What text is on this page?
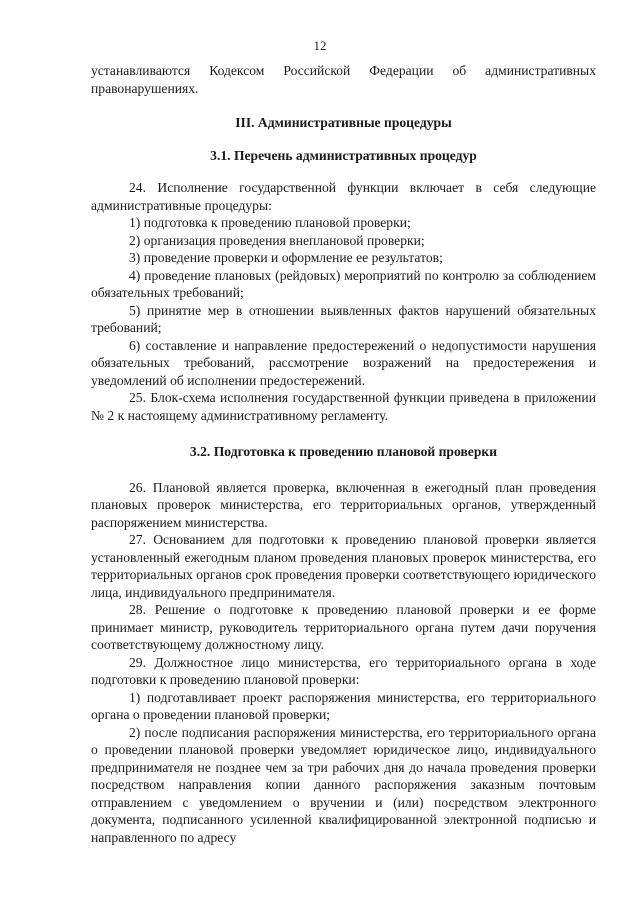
12

устанавливаются Кодексом Российской Федерации об административных правонарушениях.

III. Административные процедуры

3.1. Перечень административных процедур

24. Исполнение государственной функции включает в себя следующие административные процедуры:

1) подготовка к проведению плановой проверки;

2) организация проведения внеплановой проверки;

3) проведение проверки и оформление ее результатов;

4) проведение плановых (рейдовых) мероприятий по контролю за соблюдением обязательных требований;

5) принятие мер в отношении выявленных фактов нарушений обязательных требований;

6) составление и направление предостережений о недопустимости нарушения обязательных требований, рассмотрение возражений на предостережения и уведомлений об исполнении предостережений.

25. Блок-схема исполнения государственной функции приведена в приложении № 2 к настоящему административному регламенту.

3.2. Подготовка к проведению плановой проверки

26. Плановой является проверка, включенная в ежегодный план проведения плановых проверок министерства, его территориальных органов, утвержденный распоряжением министерства.

27. Основанием для подготовки к проведению плановой проверки является установленный ежегодным планом проведения плановых проверок министерства, его территориальных органов срок проведения проверки соответствующего юридического лица, индивидуального предпринимателя.

28. Решение о подготовке к проведению плановой проверки и ее форме принимает министр, руководитель территориального органа путем дачи поручения соответствующему должностному лицу.

29. Должностное лицо министерства, его территориального органа в ходе подготовки к проведению плановой проверки:

1) подготавливает проект распоряжения министерства, его территориального органа о проведении плановой проверки;

2) после подписания распоряжения министерства, его территориального органа о проведении плановой проверки уведомляет юридическое лицо, индивидуального предпринимателя не позднее чем за три рабочих дня до начала проведения проверки посредством направления копии данного распоряжения заказным почтовым отправлением с уведомлением о вручении и (или) посредством электронного документа, подписанного усиленной квалифицированной электронной подписью и направленного по адресу
